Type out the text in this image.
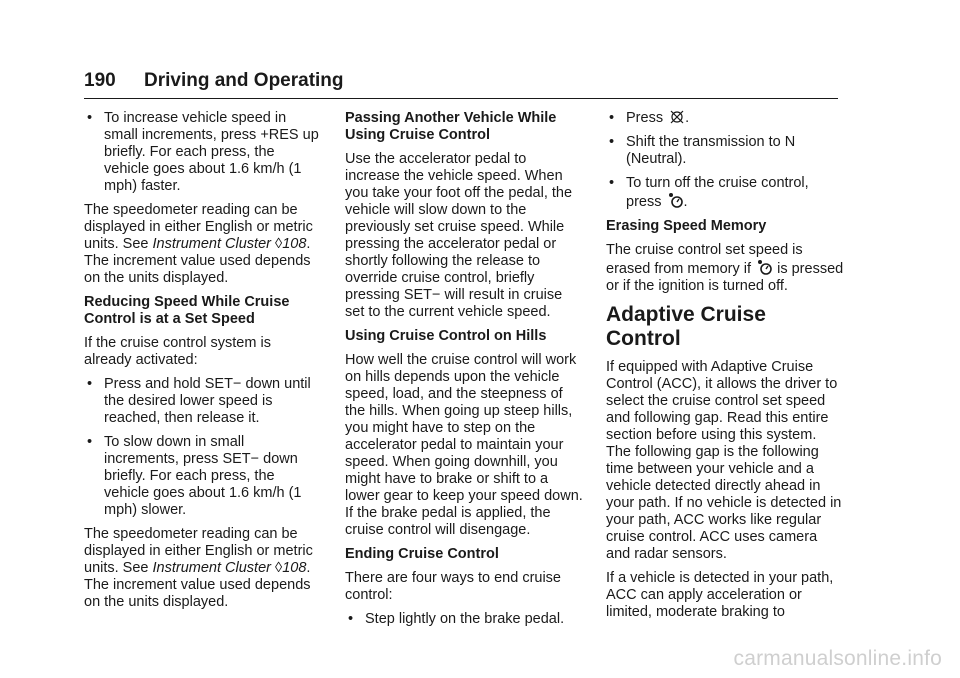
190 Driving and Operating
• To increase vehicle speed in small increments, press +RES up briefly. For each press, the vehicle goes about 1.6 km/h (1 mph) faster.

The speedometer reading can be displayed in either English or metric units. See Instrument Cluster ◊108. The increment value used depends on the units displayed.

Reducing Speed While Cruise Control is at a Set Speed

If the cruise control system is already activated:

• Press and hold SET− down until the desired lower speed is reached, then release it.
• To slow down in small increments, press SET− down briefly. For each press, the vehicle goes about 1.6 km/h (1 mph) slower.

The speedometer reading can be displayed in either English or metric units. See Instrument Cluster ◊108. The increment value used depends on the units displayed.

Passing Another Vehicle While Using Cruise Control

Use the accelerator pedal to increase the vehicle speed. When you take your foot off the pedal, the vehicle will slow down to the previously set cruise speed. While pressing the accelerator pedal or shortly following the release to override cruise control, briefly pressing SET− will result in cruise set to the current vehicle speed.

Using Cruise Control on Hills

How well the cruise control will work on hills depends upon the vehicle speed, load, and the steepness of the hills. When going up steep hills, you might have to step on the accelerator pedal to maintain your speed. When going downhill, you might have to brake or shift to a lower gear to keep your speed down. If the brake pedal is applied, the cruise control will disengage.

Ending Cruise Control

There are four ways to end cruise control:

• Step lightly on the brake pedal.
• Press .
• Shift the transmission to N (Neutral).
• To turn off the cruise control, press .
Erasing Speed Memory

The cruise control set speed is erased from memory if is pressed or if the ignition is turned off.

Adaptive Cruise Control

If equipped with Adaptive Cruise Control (ACC), it allows the driver to select the cruise control set speed and following gap. Read this entire section before using this system. The following gap is the following time between your vehicle and a vehicle detected directly ahead in your path. If no vehicle is detected in your path, ACC works like regular cruise control. ACC uses camera and radar sensors.

If a vehicle is detected in your path, ACC can apply acceleration or limited, moderate braking to

carmanualsonline.info
